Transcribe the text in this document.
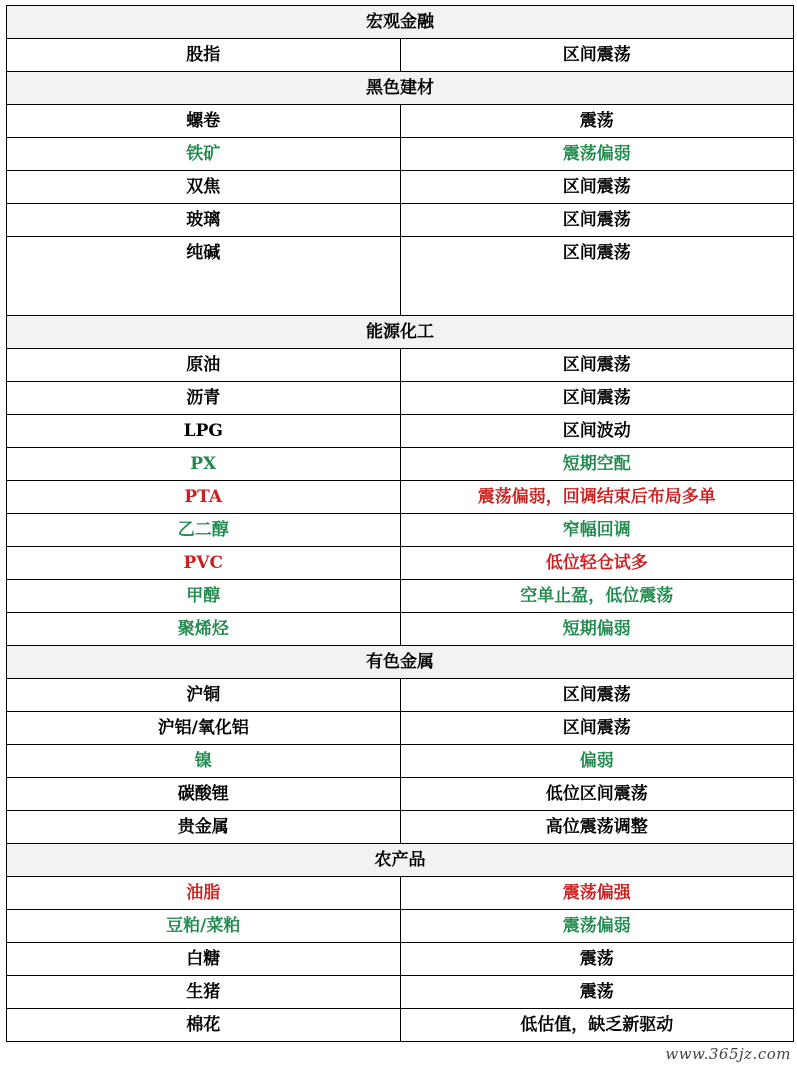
宏观金融	
股指	区间震荡
黑色建材	
螺卷	震荡
铁矿	震荡偏弱
双焦	区间震荡
玻璃	区间震荡
纯碱	区间震荡
能源化工	
原油	区间震荡
沥青	区间震荡
LPG	区间波动
PX	短期空配
PTA	震荡偏弱，回调结束后布局多单
乙二醇	窄幅回调
PVC	低位轻仓试多
甲醇	空单止盈，低位震荡
聚烯烃	短期偏弱
有色金属	
沪铜	区间震荡
沪铝/氧化铝	区间震荡
镍	偏弱
碳酸锂	低位区间震荡
贵金属	高位震荡调整
农产品	
油脂	震荡偏强
豆粕/菜粕	震荡偏弱
白糖	震荡
生猪	震荡
棉花	低估值，缺乏新驱动
www.365jz.com
